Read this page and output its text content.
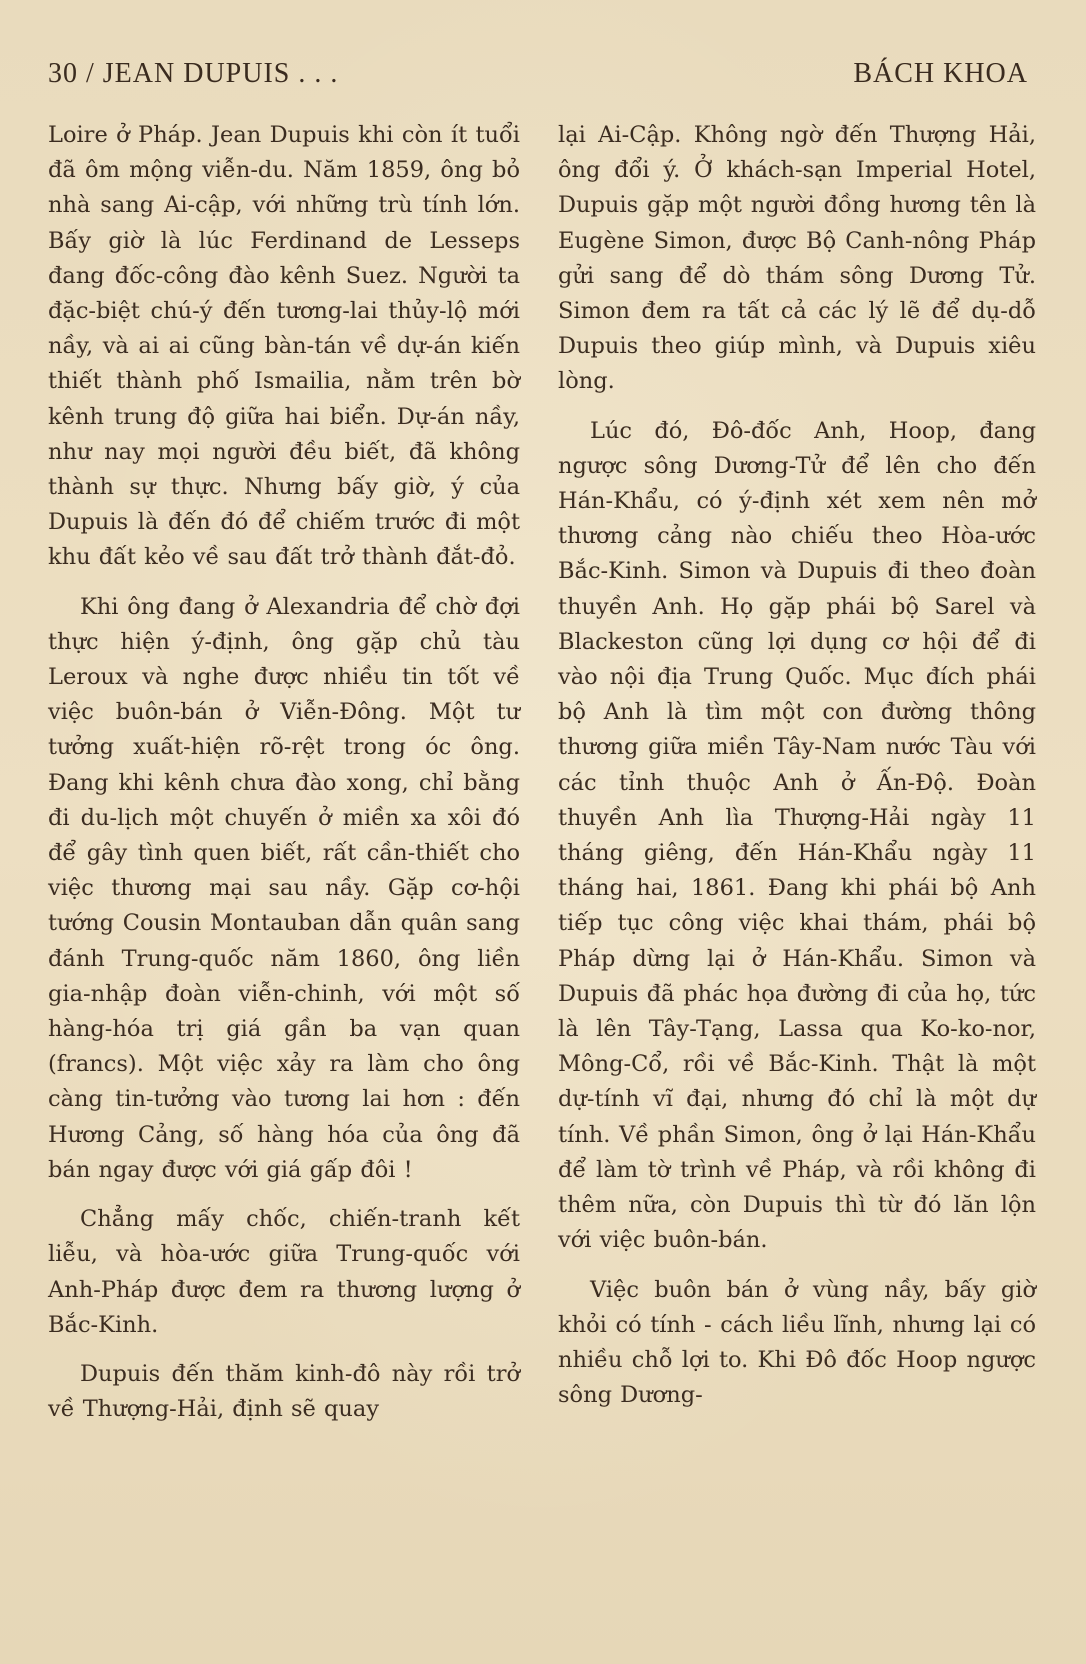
30 / JEAN DUPUIS . . .	BÁCH KHOA

Loire ở Pháp. Jean Dupuis khi còn ít tuổi đã ôm mộng viễn-du. Năm 1859, ông bỏ nhà sang Ai-cập, với những trù tính lớn. Bấy giờ là lúc Ferdinand de Lesseps đang đốc-công đào kênh Suez. Người ta đặc-biệt chú-ý đến tương-lai thủy-lộ mới nầy, và ai ai cũng bàn-tán về dự-án kiến thiết thành phố Ismailia, nằm trên bờ kênh trung độ giữa hai biển. Dự-án nầy, như nay mọi người đều biết, đã không thành sự thực. Nhưng bấy giờ, ý của Dupuis là đến đó để chiếm trước đi một khu đất kẻo về sau đất trở thành đắt-đỏ.

Khi ông đang ở Alexandria để chờ đợi thực hiện ý-định, ông gặp chủ tàu Leroux và nghe được nhiều tin tốt về việc buôn-bán ở Viễn-Đông. Một tư tưởng xuất-hiện rõ-rệt trong óc ông. Đang khi kênh chưa đào xong, chỉ bằng đi du-lịch một chuyến ở miền xa xôi đó để gây tình quen biết, rất cần-thiết cho việc thương mại sau nầy. Gặp cơ-hội tướng Cousin Montauban dẫn quân sang đánh Trung-quốc năm 1860, ông liền gia-nhập đoàn viễn-chinh, với một số hàng-hóa trị giá gần ba vạn quan (francs). Một việc xảy ra làm cho ông càng tin-tưởng vào tương lai hơn : đến Hương Cảng, số hàng hóa của ông đã bán ngay được với giá gấp đôi !

Chẳng mấy chốc, chiến-tranh kết liễu, và hòa-ước giữa Trung-quốc với Anh-Pháp được đem ra thương lượng ở Bắc-Kinh.

Dupuis đến thăm kinh-đô này rồi trở về Thượng-Hải, định sẽ quay

lại Ai-Cập. Không ngờ đến Thượng Hải, ông đổi ý. Ở khách-sạn Imperial Hotel, Dupuis gặp một người đồng hương tên là Eugène Simon, được Bộ Canh-nông Pháp gửi sang để dò thám sông Dương Tử. Simon đem ra tất cả các lý lẽ để dụ-dỗ Dupuis theo giúp mình, và Dupuis xiêu lòng.

Lúc đó, Đô-đốc Anh, Hoop, đang ngược sông Dương-Tử để lên cho đến Hán-Khẩu, có ý-định xét xem nên mở thương cảng nào chiếu theo Hòa-ước Bắc-Kinh. Simon và Dupuis đi theo đoàn thuyền Anh. Họ gặp phái bộ Sarel và Blackeston cũng lợi dụng cơ hội để đi vào nội địa Trung Quốc. Mục đích phái bộ Anh là tìm một con đường thông thương giữa miền Tây-Nam nước Tàu với các tỉnh thuộc Anh ở Ấn-Độ. Đoàn thuyền Anh lìa Thượng-Hải ngày 11 tháng giêng, đến Hán-Khẩu ngày 11 tháng hai, 1861. Đang khi phái bộ Anh tiếp tục công việc khai thám, phái bộ Pháp dừng lại ở Hán-Khẩu. Simon và Dupuis đã phác họa đường đi của họ, tức là lên Tây-Tạng, Lassa qua Ko-ko-nor, Mông-Cổ, rồi về Bắc-Kinh. Thật là một dự-tính vĩ đại, nhưng đó chỉ là một dự tính. Về phần Simon, ông ở lại Hán-Khẩu để làm tờ trình về Pháp, và rồi không đi thêm nữa, còn Dupuis thì từ đó lăn lộn với việc buôn-bán.

Việc buôn bán ở vùng nầy, bấy giờ khỏi có tính - cách liều lĩnh, nhưng lại có nhiều chỗ lợi to. Khi Đô đốc Hoop ngược sông Dương-
